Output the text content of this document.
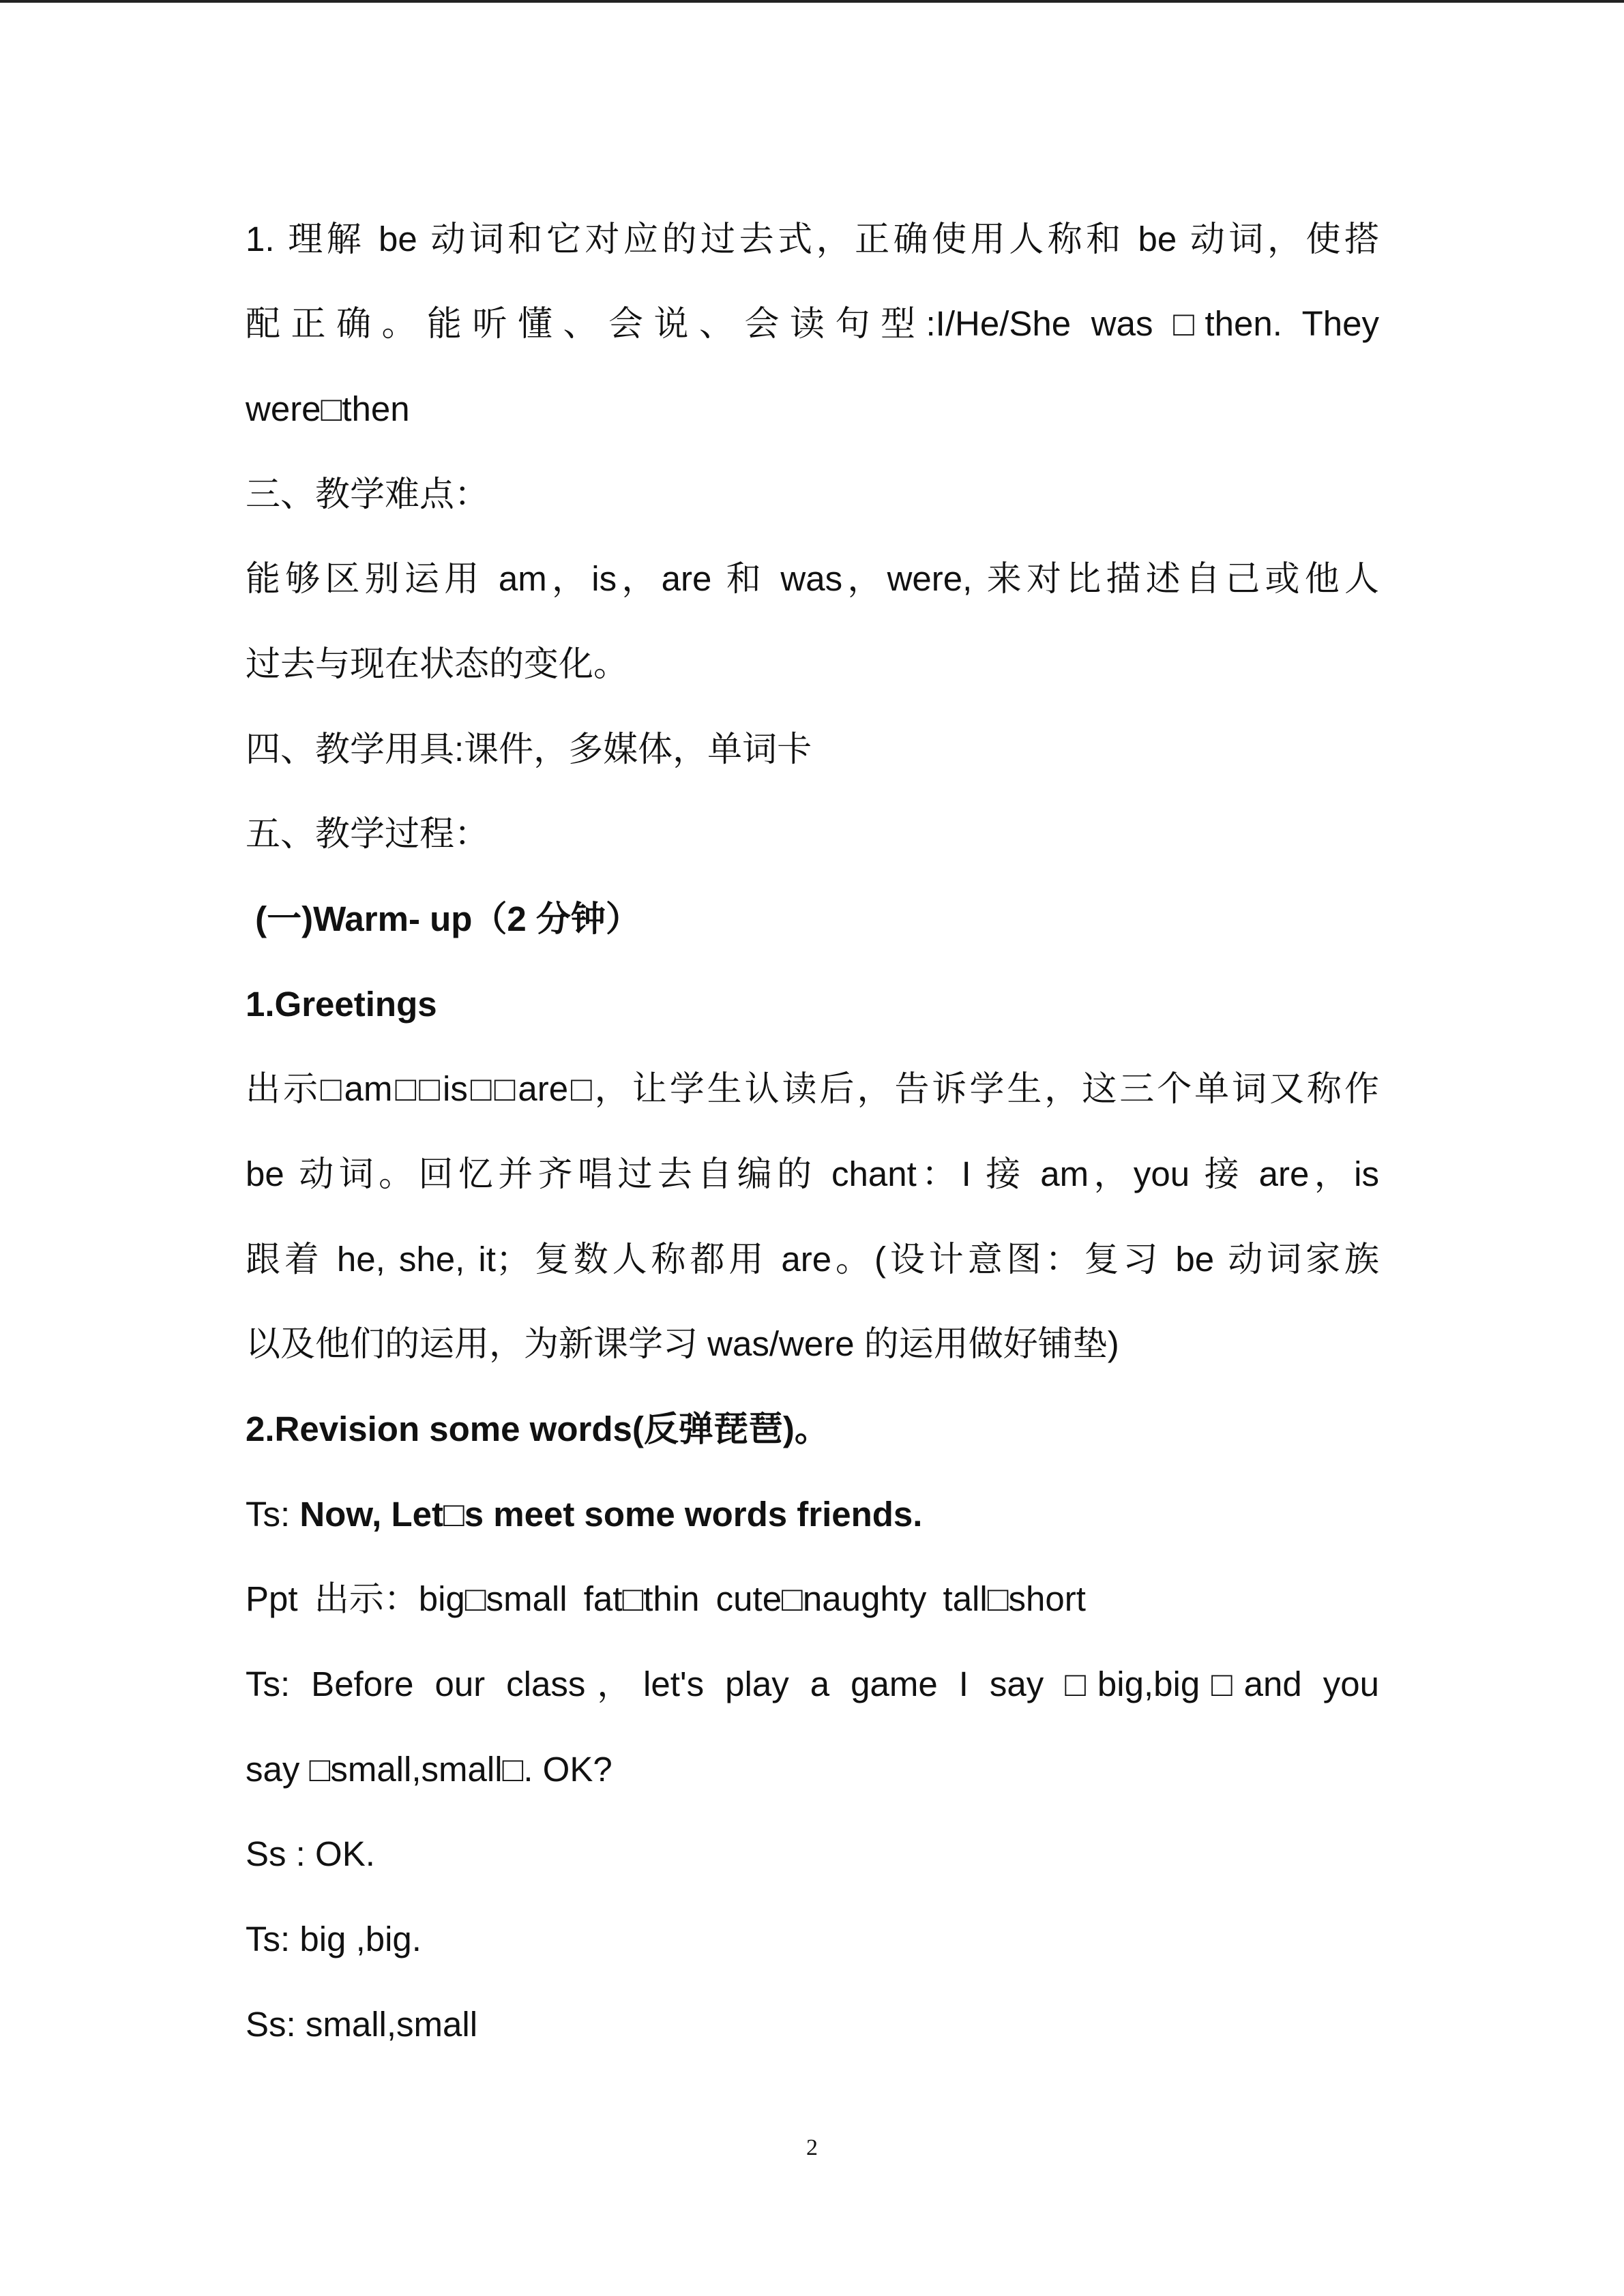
1. 理解 be 动词和它对应的过去式，正确使用人称和 be 动词，使搭
配正确。能听懂、会说、会读句型:I/He/She was □then. They
were□then
三、教学难点：
能够区别运用 am，is，are 和 was，were, 来对比描述自己或他人
过去与现在状态的变化。
四、教学用具:课件，多媒体，单词卡
五、教学过程：
(一)Warm- up（2 分钟）
1.Greetings
出示□am□□is□□are□，让学生认读后，告诉学生，这三个单词又称作
be 动词。回忆并齐唱过去自编的 chant：I 接 am，you 接 are，is
跟着 he, she, it；复数人称都用 are。(设计意图：复习 be 动词家族
以及他们的运用，为新课学习 was/were 的运用做好铺垫)
2.Revision some words(反弹琵琶)。
Ts: Now, Let□s meet some words friends.
Ppt 出示：big□small fat□thin cute□naughty tall□short
Ts: Before our class，let's play a game I say □big,big□and you
say □small,small□. OK?
Ss : OK.
Ts: big ,big.
Ss: small,small
2
